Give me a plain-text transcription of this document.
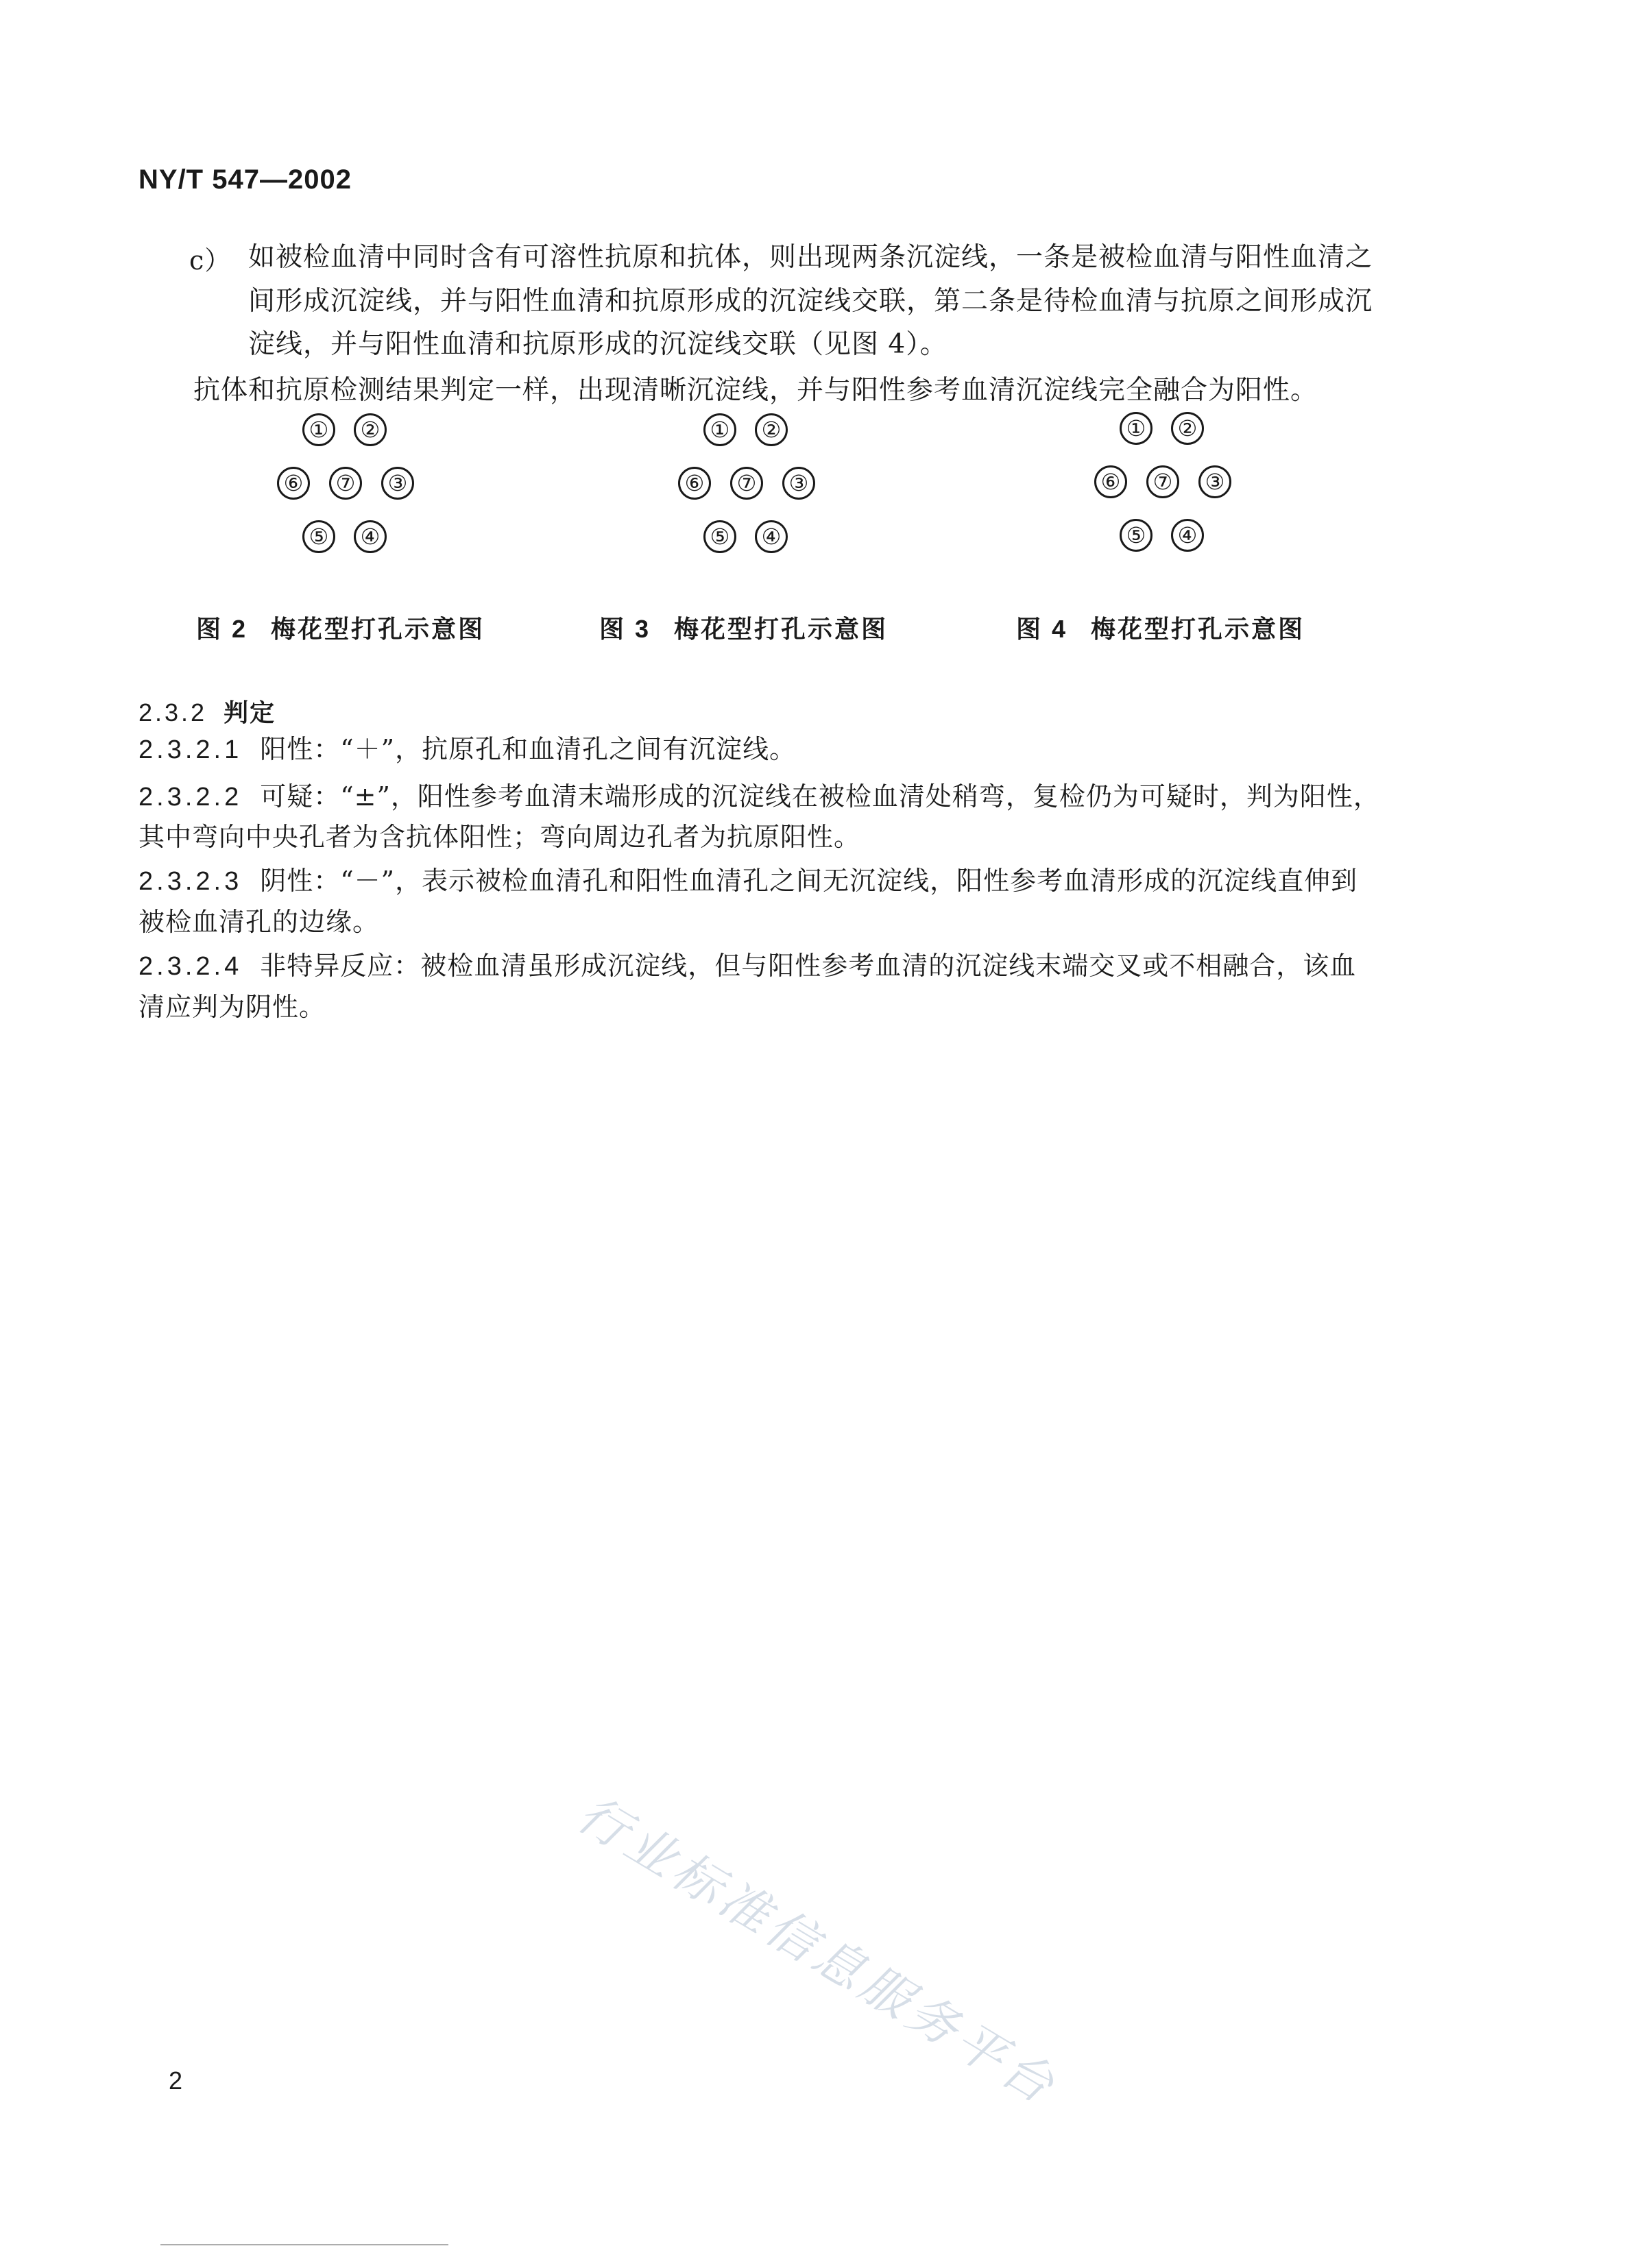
NY/T 547—2002
c） 如被检血清中同时含有可溶性抗原和抗体，则出现两条沉淀线，一条是被检血清与阳性血清之
间形成沉淀线，并与阳性血清和抗原形成的沉淀线交联，第二条是待检血清与抗原之间形成沉
淀线，并与阳性血清和抗原形成的沉淀线交联（见图 4）。
抗体和抗原检测结果判定一样，出现清晰沉淀线，并与阳性参考血清沉淀线完全融合为阳性。
①	②
⑥	⑦	③
⑤	④
①	②
⑥	⑦	③
⑤	④
①	②
⑥	⑦	③
⑤	④
图 2 梅花型打孔示意图	图 3 梅花型打孔示意图	图 4 梅花型打孔示意图
2.3.2 判定
2.3.2.1 阳性：“＋”，抗原孔和血清孔之间有沉淀线。
2.3.2.2 可疑：“±”，阳性参考血清末端形成的沉淀线在被检血清处稍弯，复检仍为可疑时，判为阳性，
其中弯向中央孔者为含抗体阳性；弯向周边孔者为抗原阳性。
2.3.2.3 阴性：“－”，表示被检血清孔和阳性血清孔之间无沉淀线，阳性参考血清形成的沉淀线直伸到
被检血清孔的边缘。
2.3.2.4 非特异反应：被检血清虽形成沉淀线，但与阳性参考血清的沉淀线末端交叉或不相融合，该血
清应判为阴性。
行业标准信息服务平台
2
